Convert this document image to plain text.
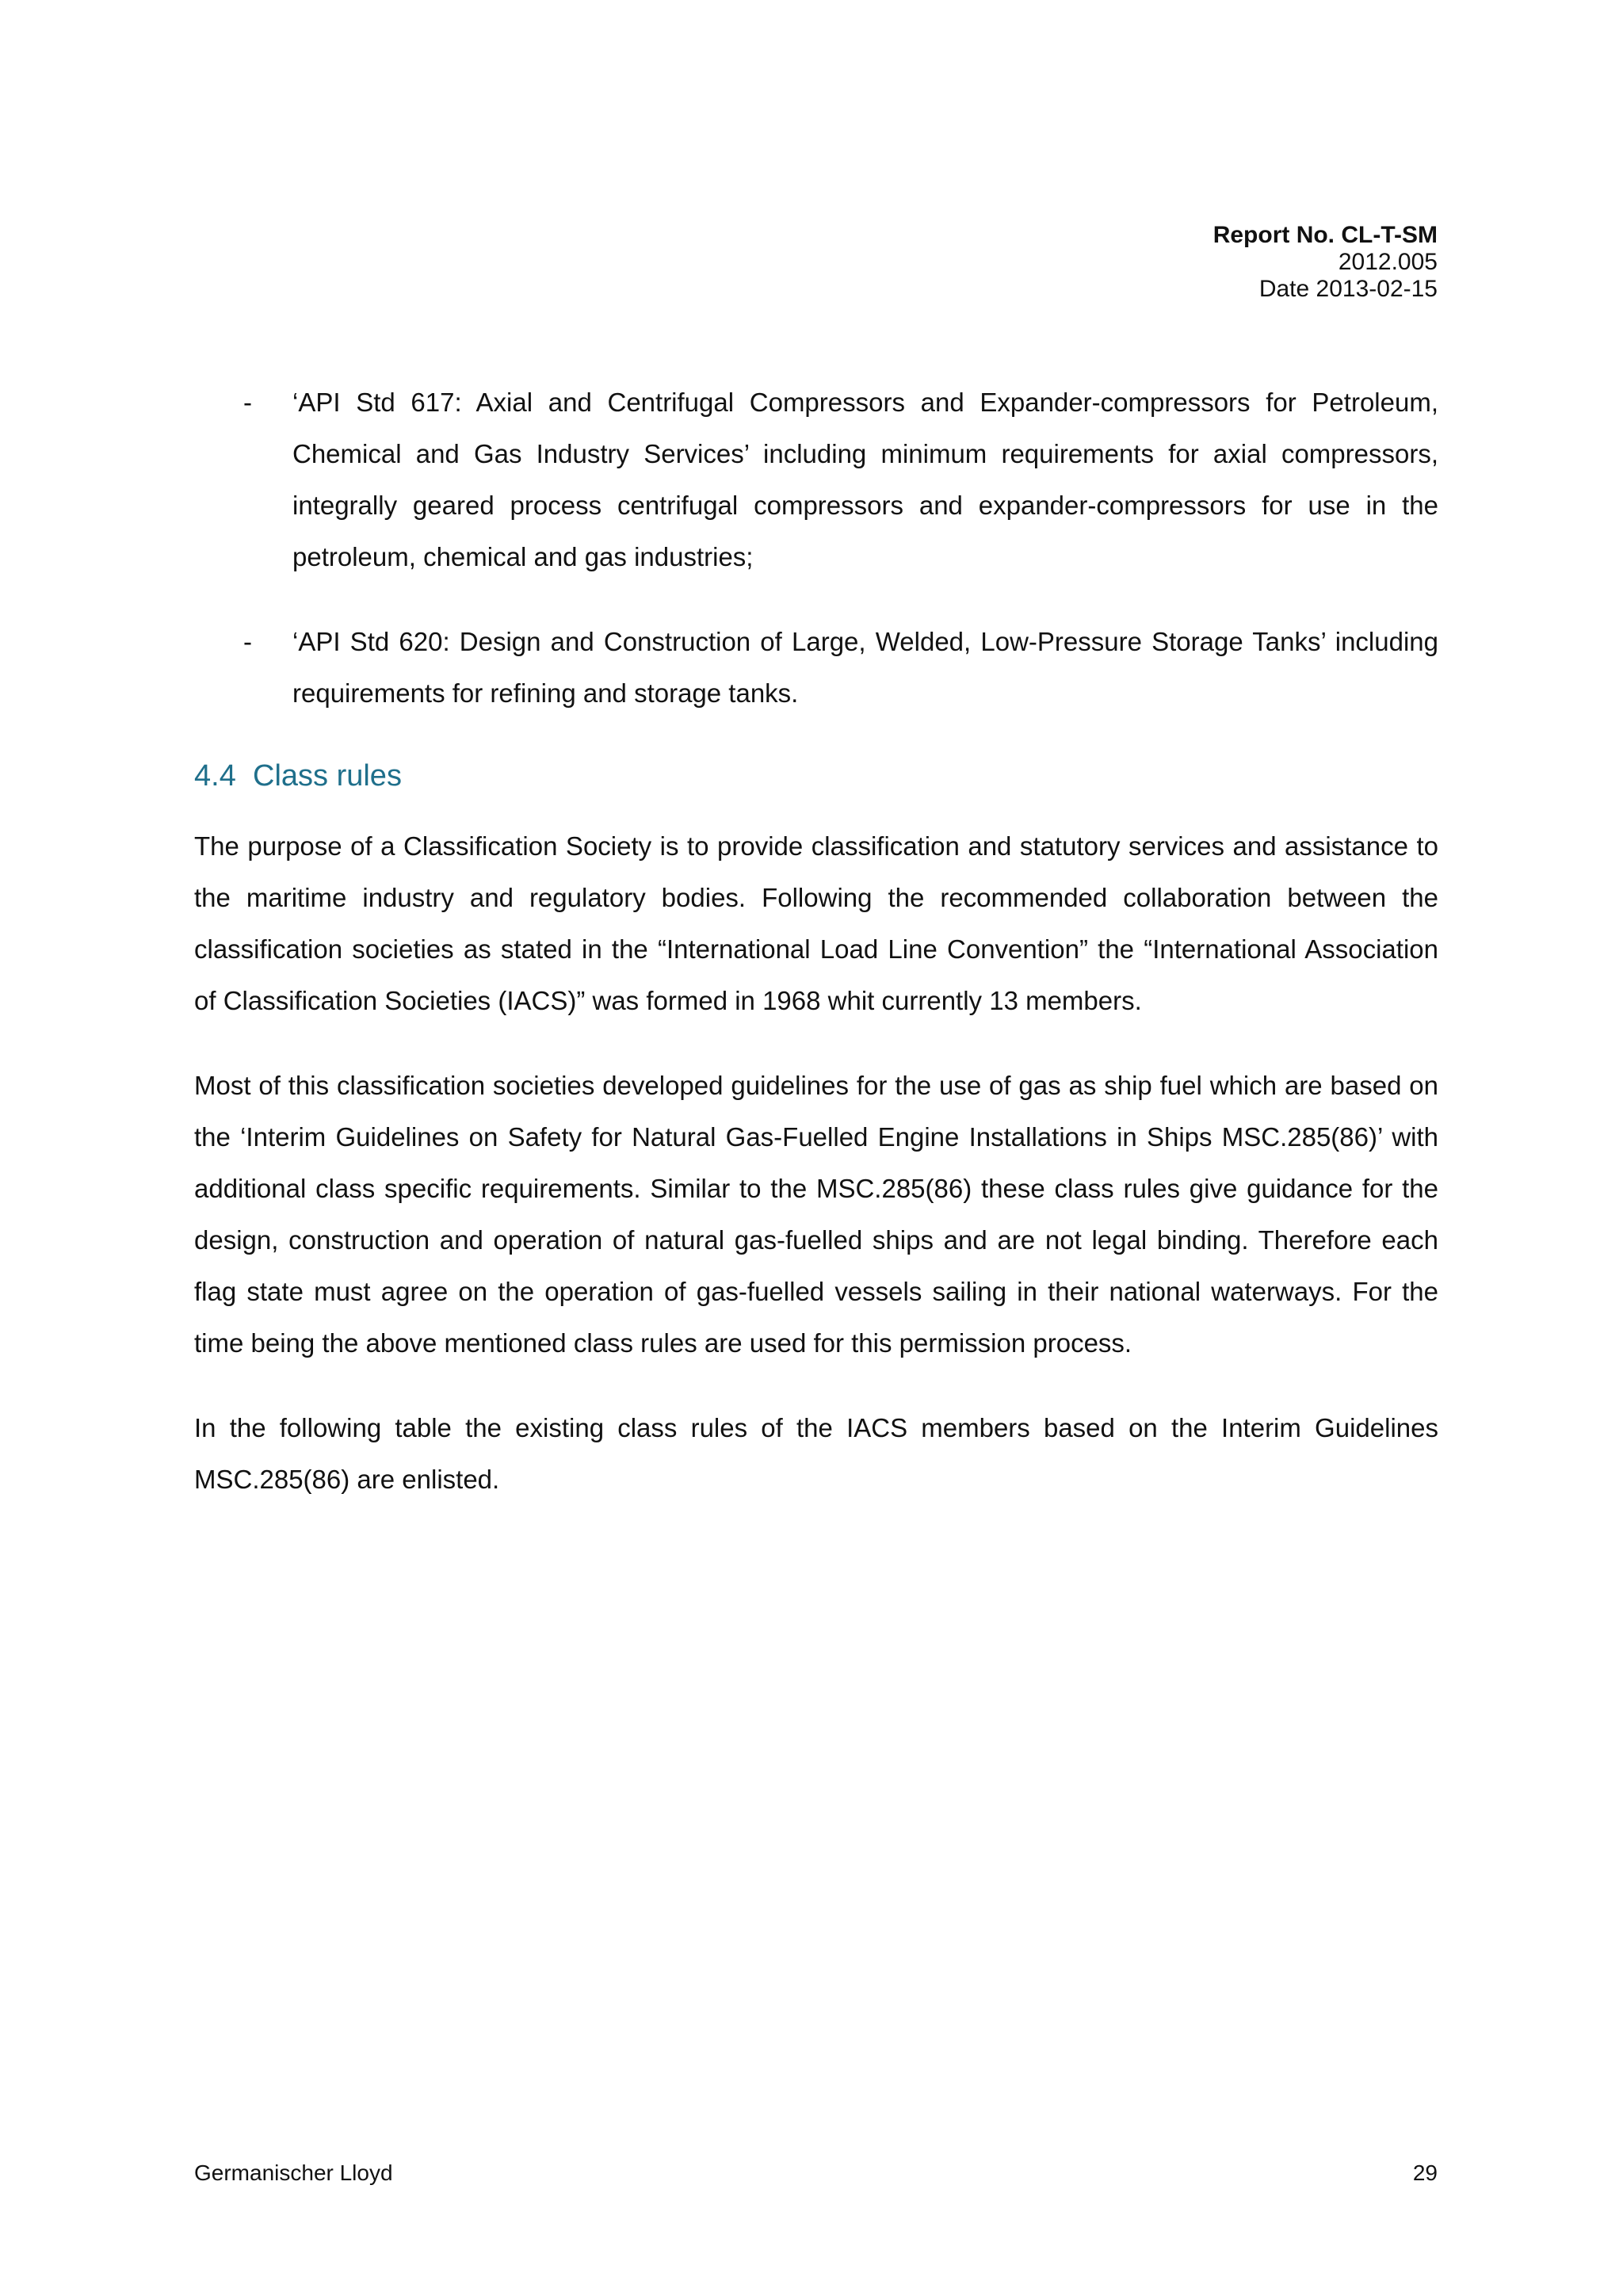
Report No. CL-T-SM
2012.005
Date 2013-02-15
- ‘API Std 617: Axial and Centrifugal Compressors and Expander-compressors for Petroleum, Chemical and Gas Industry Services’ including minimum requirements for axial compressors, integrally geared process centrifugal compressors and expander-compressors for use in the petroleum, chemical and gas industries;
- ‘API Std 620: Design and Construction of Large, Welded, Low-Pressure Storage Tanks’ including requirements for refining and storage tanks.
4.4 Class rules

The purpose of a Classification Society is to provide classification and statutory services and assistance to the maritime industry and regulatory bodies. Following the recommended collaboration between the classification societies as stated in the “International Load Line Convention” the “International Association of Classification Societies (IACS)” was formed in 1968 whit currently 13 members.

Most of this classification societies developed guidelines for the use of gas as ship fuel which are based on the ‘Interim Guidelines on Safety for Natural Gas-Fuelled Engine Installations in Ships MSC.285(86)’ with additional class specific requirements. Similar to the MSC.285(86) these class rules give guidance for the design, construction and operation of natural gas-fuelled ships and are not legal binding. Therefore each flag state must agree on the operation of gas-fuelled vessels sailing in their national waterways. For the time being the above mentioned class rules are used for this permission process.

In the following table the existing class rules of the IACS members based on the Interim Guidelines MSC.285(86) are enlisted.

Germanischer Lloyd	29
